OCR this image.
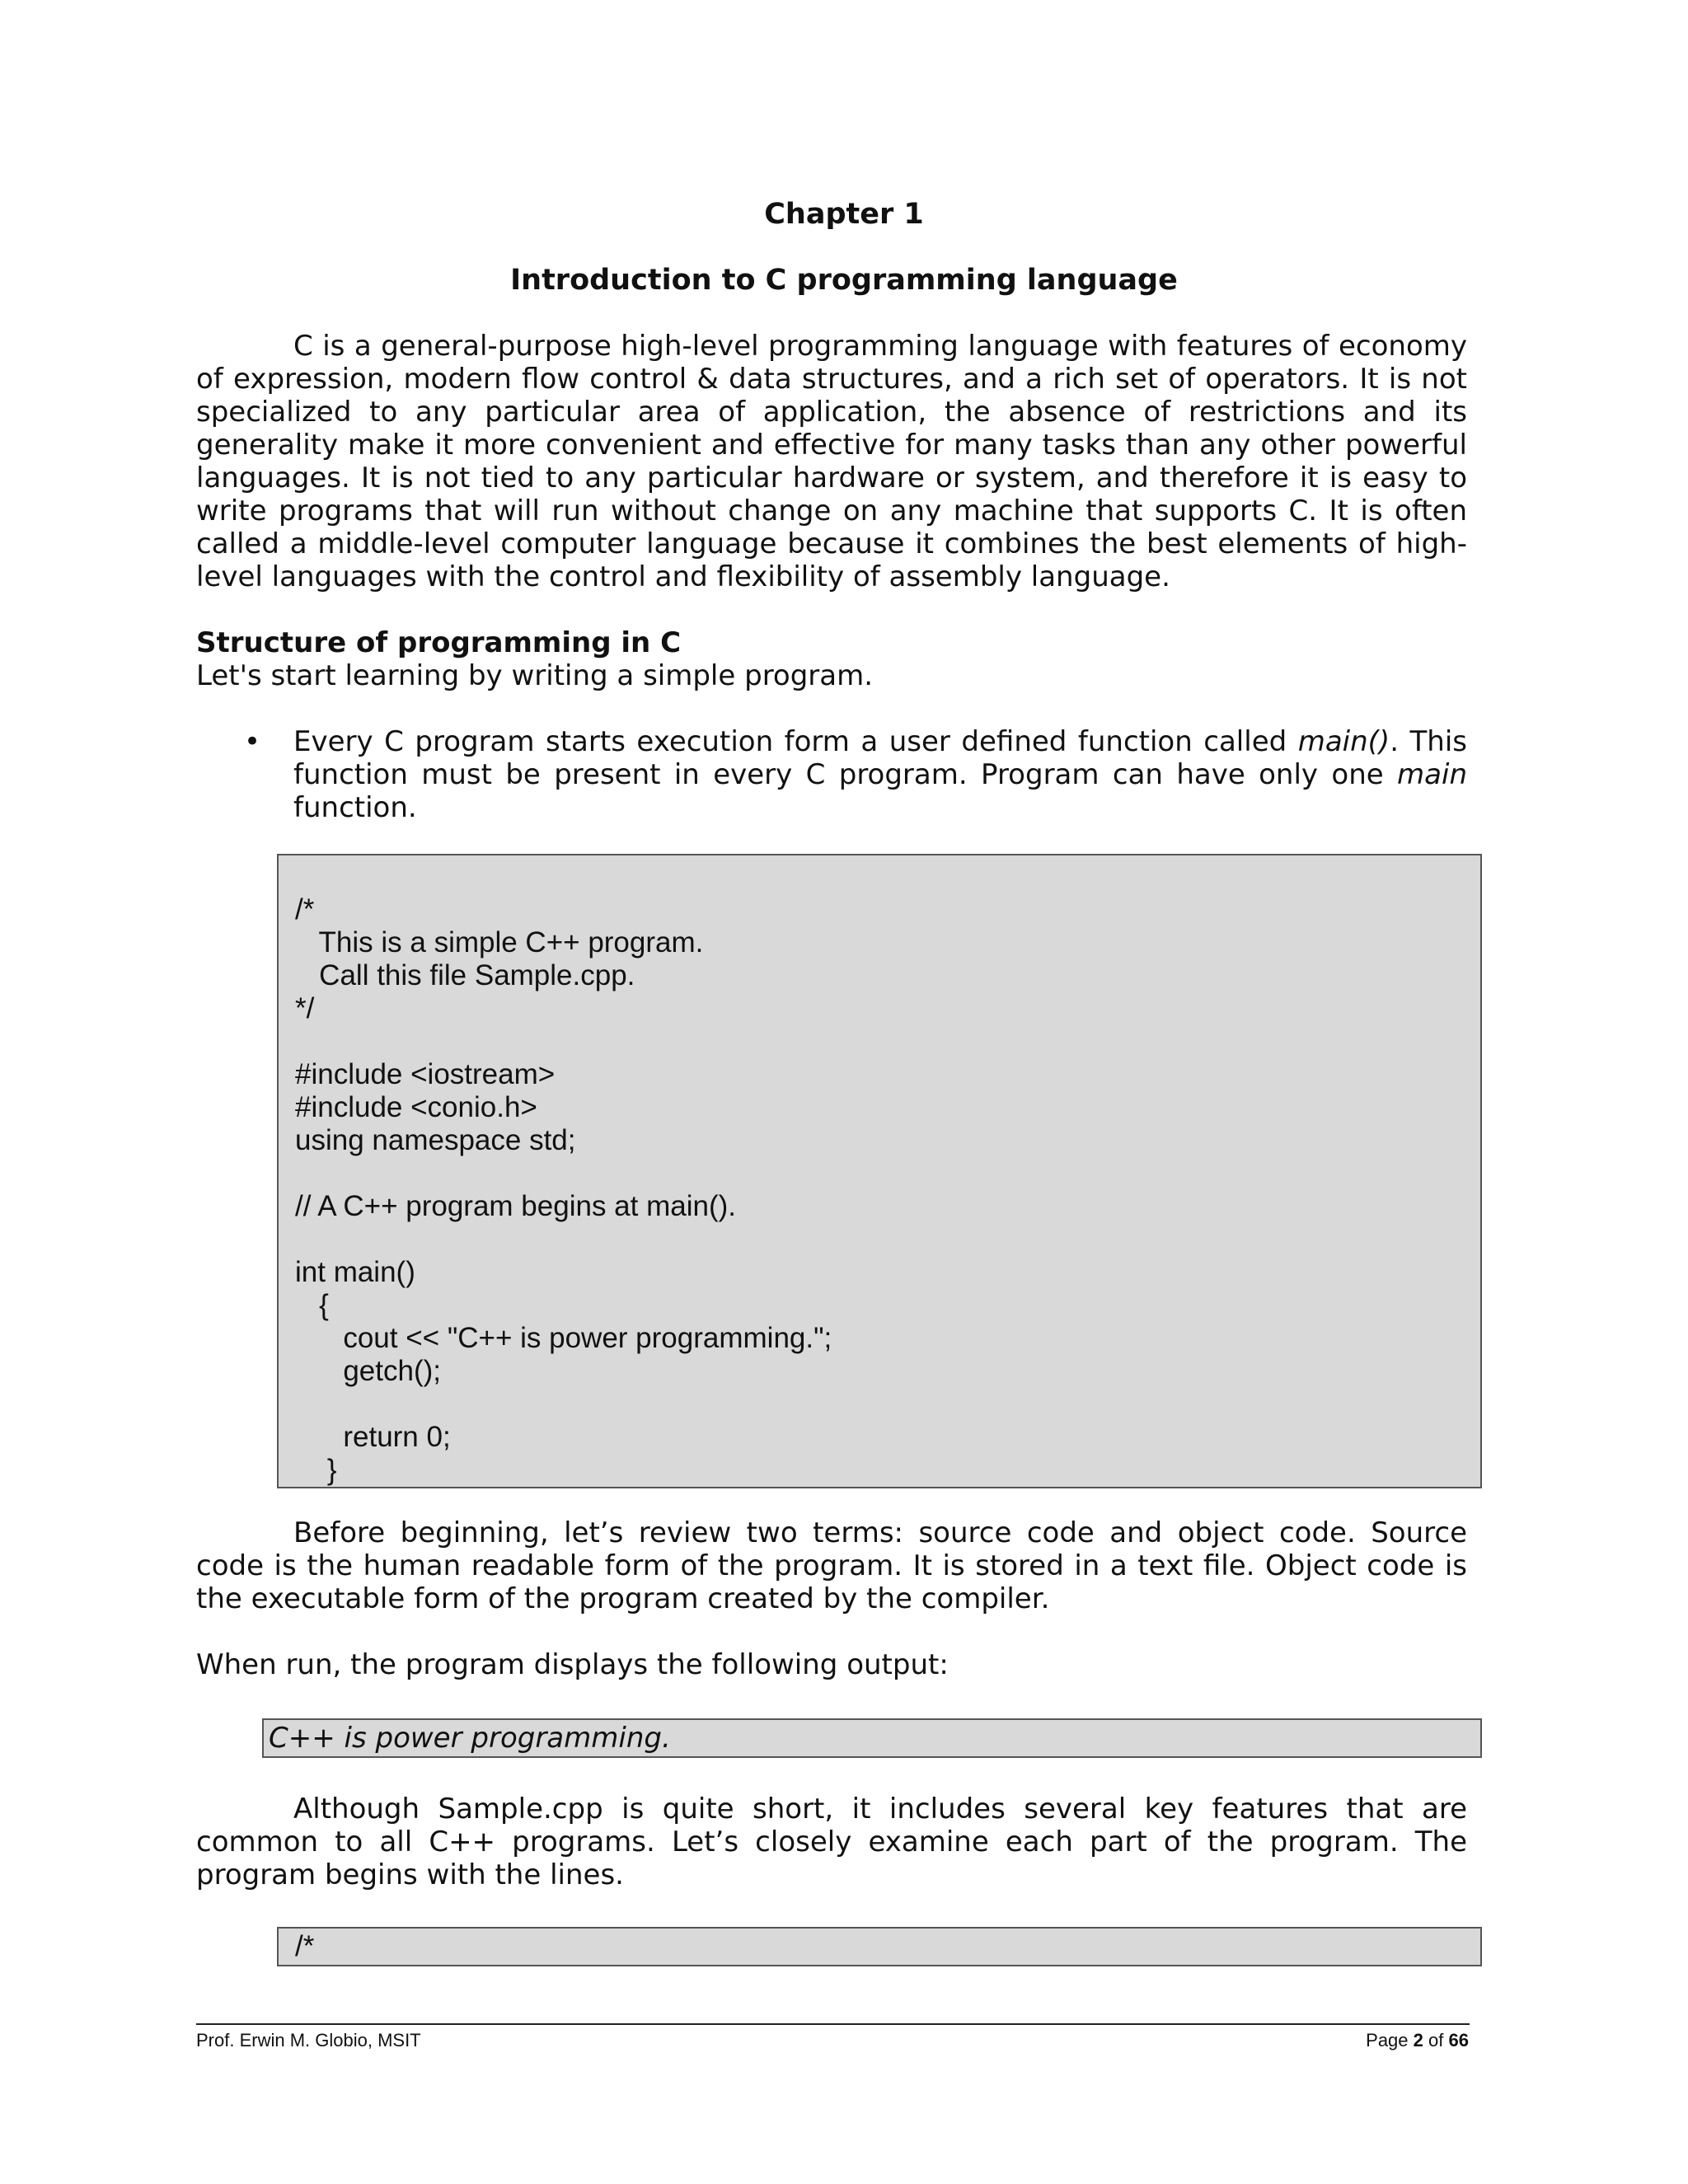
Chapter 1
Introduction to C programming language

C is a general-purpose high-level programming language with features of economy of expression, modern flow control & data structures, and a rich set of operators. It is not specialized to any particular area of application, the absence of restrictions and its generality make it more convenient and effective for many tasks than any other powerful languages. It is not tied to any particular hardware or system, and therefore it is easy to write programs that will run without change on any machine that supports C. It is often called a middle-level computer language because it combines the best elements of high-level languages with the control and flexibility of assembly language.

Structure of programming in C

Let's start learning by writing a simple program.

• Every C program starts execution form a user defined function called main(). This function must be present in every C program. Program can have only one main function.

/*
This is a simple C++ program.
Call this file Sample.cpp.
*/
#include <iostream>
#include <conio.h>
using namespace std;
// A C++ program begins at main().
int main()
{
cout << "C++ is power programming.";
getch();
return 0;
}

Before beginning, let’s review two terms: source code and object code. Source code is the human readable form of the program. It is stored in a text file. Object code is the executable form of the program created by the compiler.

When run, the program displays the following output:

C++ is power programming.

Although Sample.cpp is quite short, it includes several key features that are common to all C++ programs. Let’s closely examine each part of the program. The program begins with the lines.

/*
Prof. Erwin M. Globio, MSIT	Page 2 of 66
